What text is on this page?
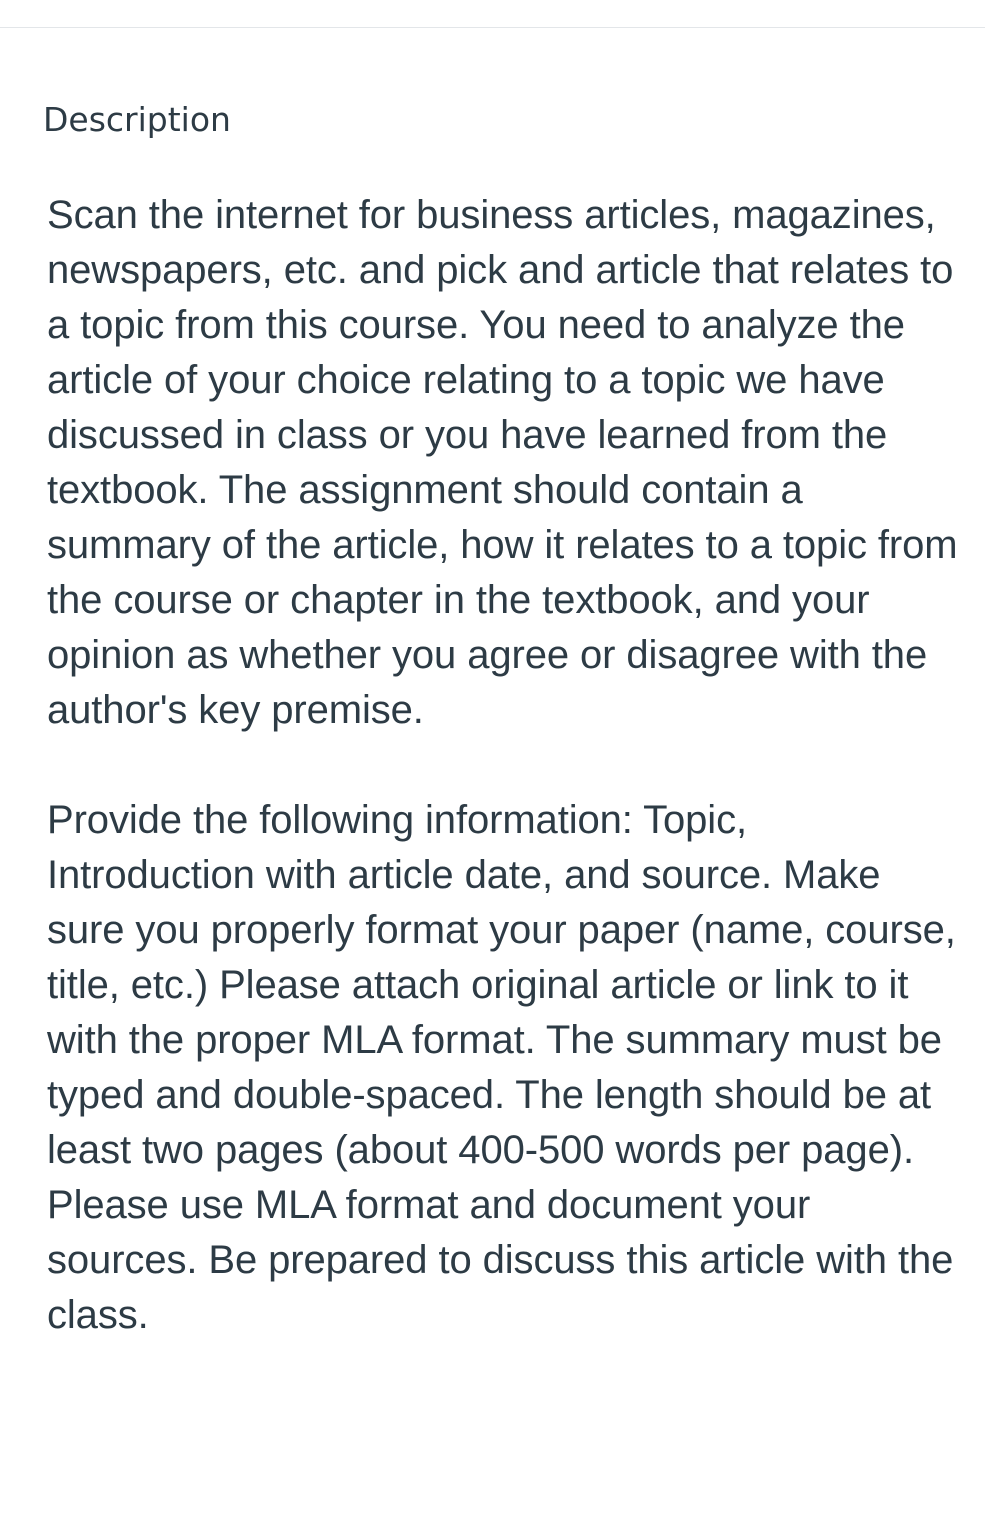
Description

Scan the internet for business articles, magazines, newspapers, etc. and pick and article that relates to a topic from this course. You need to analyze the article of your choice relating to a topic we have discussed in class or you have learned from the textbook. The assignment should contain a summary of the article, how it relates to a topic from the course or chapter in the textbook, and your opinion as whether you agree or disagree with the author's key premise.

Provide the following information: Topic, Introduction with article date, and source. Make sure you properly format your paper (name, course, title, etc.) Please attach original article or link to it with the proper MLA format. The summary must be typed and double-spaced. The length should be at least two pages (about 400-500 words per page). Please use MLA format and document your sources. Be prepared to discuss this article with the class.
